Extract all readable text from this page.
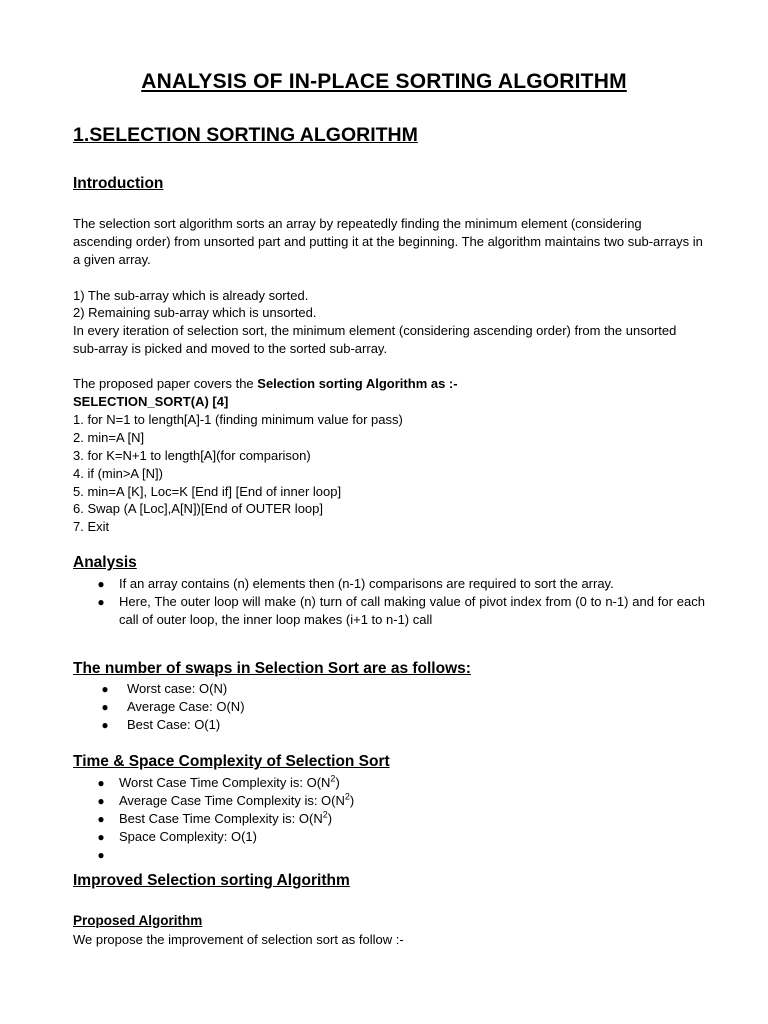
ANALYSIS OF IN-PLACE SORTING ALGORITHM
1.SELECTION SORTING ALGORITHM
Introduction
The selection sort algorithm sorts an array by repeatedly finding the minimum element (considering ascending order) from unsorted part and putting it at the beginning. The algorithm maintains two sub-arrays in a given array.
1) The sub-array which is already sorted.
2) Remaining sub-array which is unsorted.
In every iteration of selection sort, the minimum element (considering ascending order) from the unsorted sub-array is picked and moved to the sorted sub-array.
The proposed paper covers the Selection sorting Algorithm as :-
SELECTION_SORT(A) [4]
1. for N=1 to length[A]-1 (finding minimum value for pass)
2. min=A [N]
3. for K=N+1 to length[A](for comparison)
4. if (min>A [N])
5. min=A [K], Loc=K [End if] [End of inner loop]
6. Swap (A [Loc],A[N])[End of OUTER loop]
7. Exit
Analysis
● If an array contains (n) elements then (n-1) comparisons are required to sort the array.
● Here, The outer loop will make (n) turn of call making value of pivot index from (0 to n-1) and for each call of outer loop, the inner loop makes (i+1 to n-1) call
The number of swaps in Selection Sort are as follows:
● Worst case: O(N)
● Average Case: O(N)
● Best Case: O(1)
Time & Space Complexity of Selection Sort
● Worst Case Time Complexity is: $O(N^2)$
● Average Case Time Complexity is: $O(N^2)$
● Best Case Time Complexity is: $O(N^2)$
● Space Complexity: O(1)
●
Improved Selection sorting Algorithm
Proposed Algorithm
We propose the improvement of selection sort as follow :-
